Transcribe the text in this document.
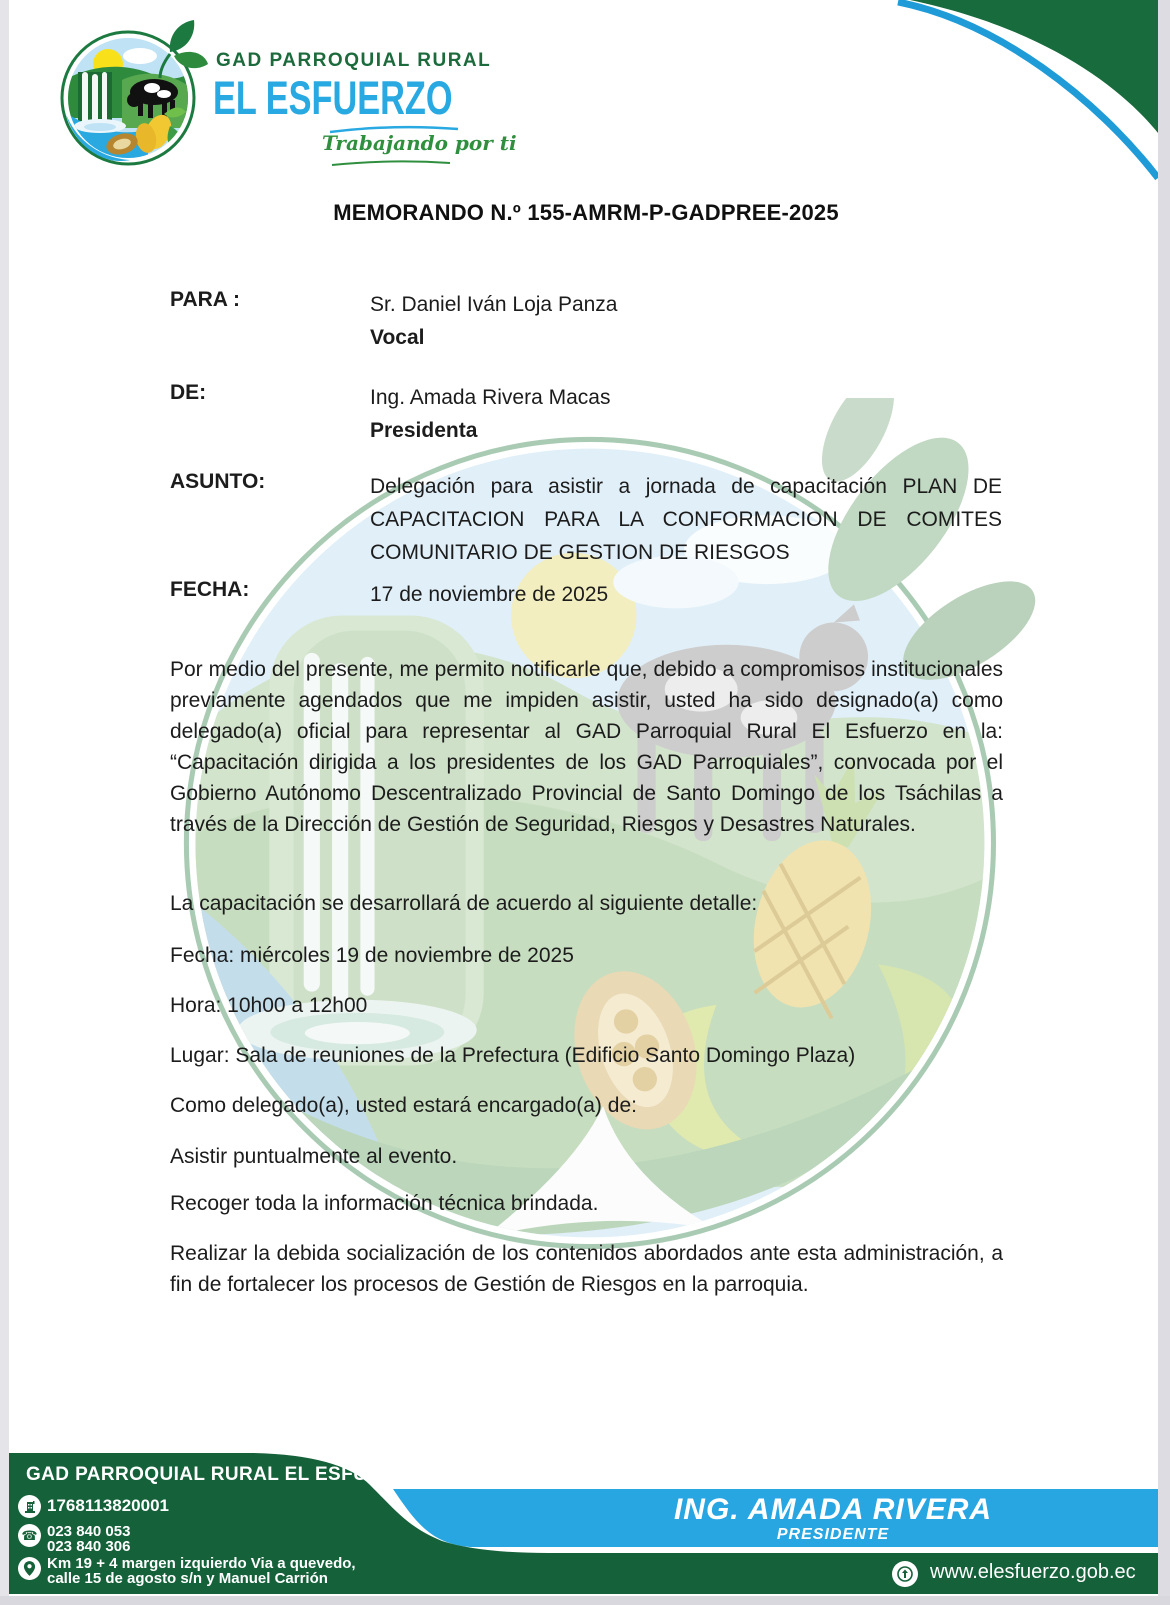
GAD PARROQUIAL RURAL
EL ESFUERZO
Trabajando por ti
MEMORANDO N.º 155-AMRM-P-GADPREE-2025
PARA :	Sr. Daniel Iván Loja Panza
Vocal
DE:	Ing. Amada Rivera Macas
Presidenta
ASUNTO:	Delegación para asistir a jornada de capacitación PLAN DE CAPACITACION PARA LA CONFORMACION DE COMITES COMUNITARIO DE GESTION DE RIESGOS
FECHA:	17 de noviembre de 2025
Por medio del presente, me permito notificarle que, debido a compromisos institucionales previamente agendados que me impiden asistir, usted ha sido designado(a) como delegado(a) oficial para representar al GAD Parroquial Rural El Esfuerzo en la: “Capacitación dirigida a los presidentes de los GAD Parroquiales”, convocada por el Gobierno Autónomo Descentralizado Provincial de Santo Domingo de los Tsáchilas a través de la Dirección de Gestión de Seguridad, Riesgos y Desastres Naturales.
La capacitación se desarrollará de acuerdo al siguiente detalle:
Fecha: miércoles 19 de noviembre de 2025
Hora: 10h00 a 12h00
Lugar: Sala de reuniones de la Prefectura (Edificio Santo Domingo Plaza)
Como delegado(a), usted estará encargado(a) de:
Asistir puntualmente al evento.
Recoger toda la información técnica brindada.
Realizar la debida socialización de los contenidos abordados ante esta administración, a fin de fortalecer los procesos de Gestión de Riesgos en la parroquia.
GAD PARROQUIAL RURAL EL ESFUERZO
1768113820001
☎ 023 840 053
023 840 306
Km 19 + 4 margen izquierdo Via a quevedo,
calle 15 de agosto s/n y Manuel Carrión
ING. AMADA RIVERA
PRESIDENTE
www.elesfuerzo.gob.ec
